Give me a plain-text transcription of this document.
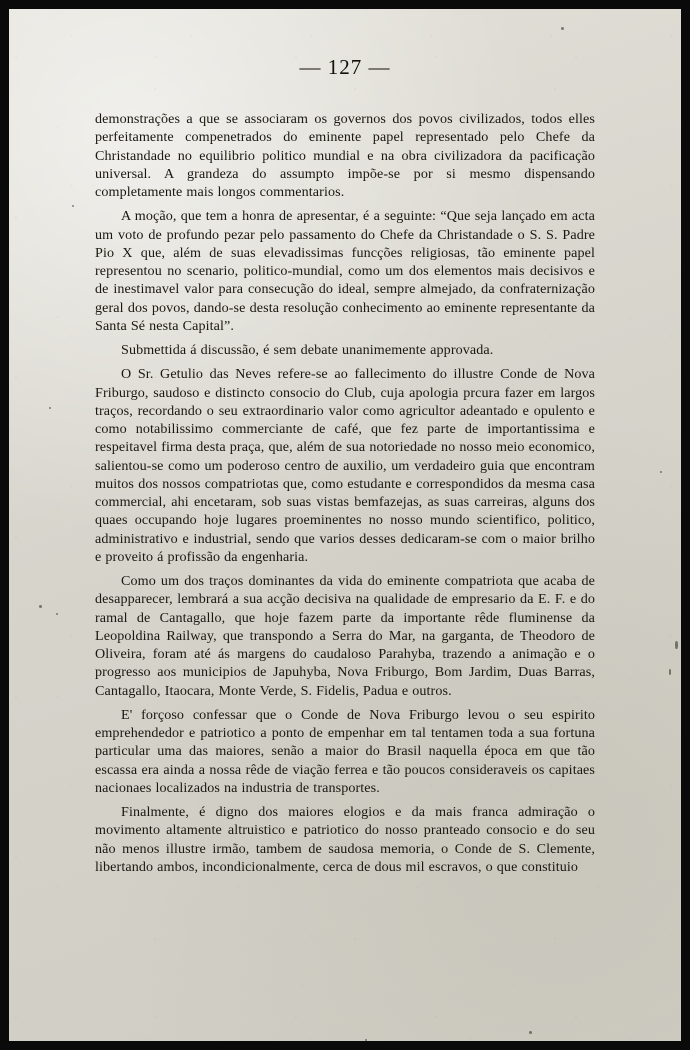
— 127 —

demonstrações a que se associaram os governos dos povos civilizados, todos elles perfeitamente compenetrados do eminente papel representado pelo Chefe da Christandade no equilibrio politico mundial e na obra civilizadora da pacificação universal. A grandeza do assumpto impõe-se por si mesmo dispensando completamente mais longos commentarios.

A moção, que tem a honra de apresentar, é a seguinte: “Que seja lançado em acta um voto de profundo pezar pelo passamento do Chefe da Christandade o S. S. Padre Pio X que, além de suas elevadissimas funcções religiosas, tão eminente papel representou no scenario, politico-mundial, como um dos elementos mais decisivos e de inestimavel valor para consecução do ideal, sempre almejado, da confraternização geral dos povos, dando-se desta resolução conhecimento ao eminente representante da Santa Sé nesta Capital”.

Submettida á discussão, é sem debate unanimemente approvada.

O Sr. Getulio das Neves refere-se ao fallecimento do illustre Conde de Nova Friburgo, saudoso e distincto consocio do Club, cuja apologia prcura fazer em largos traços, recordando o seu extraordinario valor como agricultor adeantado e opulento e como notabilissimo commerciante de café, que fez parte de importantissima e respeitavel firma desta praça, que, além de sua notoriedade no nosso meio economico, salientou-se como um poderoso centro de auxilio, um verdadeiro guia que encontram muitos dos nossos compatriotas que, como estudante e correspondidos da mesma casa commercial, ahi encetaram, sob suas vistas bemfazejas, as suas carreiras, alguns dos quaes occupando hoje lugares proeminentes no nosso mundo scientifico, politico, administrativo e industrial, sendo que varios desses dedicaram-se com o maior brilho e proveito á profissão da engenharia.

Como um dos traços dominantes da vida do eminente compatriota que acaba de desapparecer, lembrará a sua acção decisiva na qualidade de empresario da E. F. e do ramal de Cantagallo, que hoje fazem parte da importante rêde fluminense da Leopoldina Railway, que transpondo a Serra do Mar, na garganta, de Theodoro de Oliveira, foram até ás margens do caudaloso Parahyba, trazendo a animação e o progresso aos municipios de Japuhyba, Nova Friburgo, Bom Jardim, Duas Barras, Cantagallo, Itaocara, Monte Verde, S. Fidelis, Padua e outros.

E' forçoso confessar que o Conde de Nova Friburgo levou o seu espirito emprehendedor e patriotico a ponto de empenhar em tal tentamen toda a sua fortuna particular uma das maiores, senão a maior do Brasil naquella época em que tão escassa era ainda a nossa rêde de viação ferrea e tão poucos consideraveis os capitaes nacionaes localizados na industria de transportes.

Finalmente, é digno dos maiores elogios e da mais franca admiração o movimento altamente altruistico e patriotico do nosso pranteado consocio e do seu não menos illustre irmão, tambem de saudosa memoria, o Conde de S. Clemente, libertando ambos, incondicionalmente, cerca de dous mil escravos, o que constituio
